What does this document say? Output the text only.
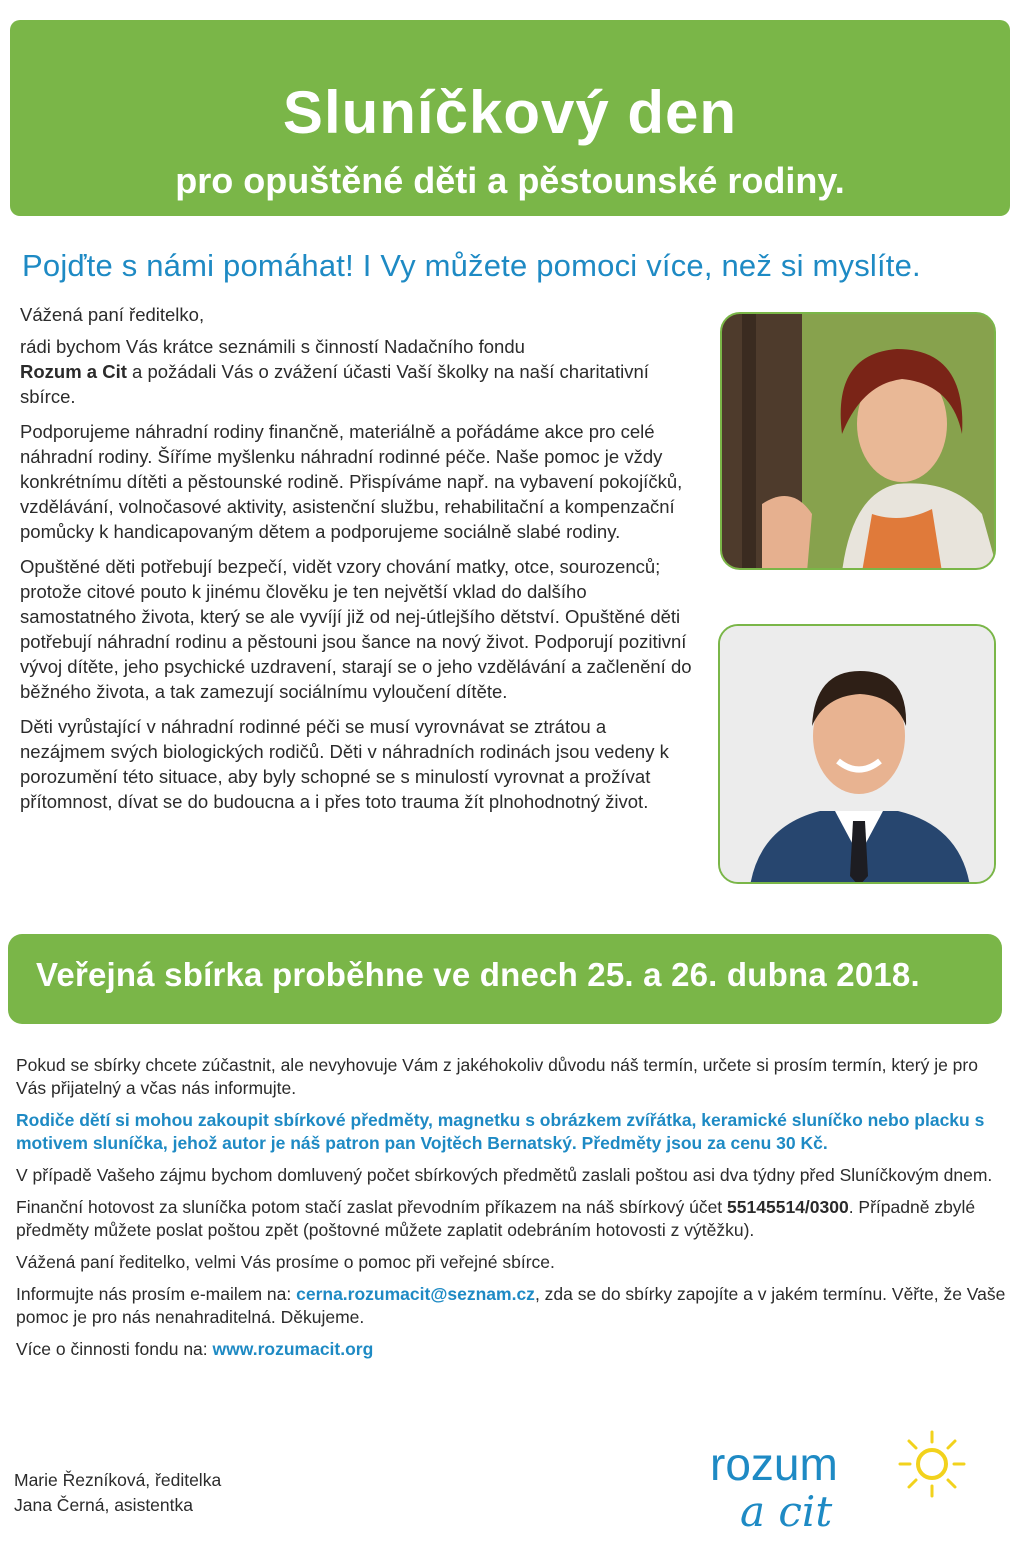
Sluníčkový den
pro opuštěné děti a pěstounské rodiny.
Pojďte s námi pomáhat! I Vy můžete pomoci více, než si myslíte.

Vážená paní ředitelko,

rádi bychom Vás krátce seznámili s činností Nadačního fondu
Rozum a Cit a požádali Vás o zvážení účasti Vaší školky na naší charitativní sbírce.

Podporujeme náhradní rodiny finančně, materiálně a pořádáme akce pro celé náhradní rodiny. Šíříme myšlenku náhradní rodinné péče. Naše pomoc je vždy konkrétnímu dítěti a pěstounské rodině. Přispíváme např. na vybavení pokojíčků, vzdělávání, volnočasové aktivity, asistenční službu, rehabilitační a kompenzační pomůcky k handicapovaným dětem a podporujeme sociálně slabé rodiny.

Opuštěné děti potřebují bezpečí, vidět vzory chování matky, otce, sourozenců; protože citové pouto k jinému člověku je ten největší vklad do dalšího samostatného života, který se ale vyvíjí již od nej-útlejšího dětství. Opuštěné děti potřebují náhradní rodinu a pěstouni jsou šance na nový život. Podporují pozitivní vývoj dítěte, jeho psychické uzdravení, starají se o jeho vzdělávání a začlenění do běžného života, a tak zamezují sociálnímu vyloučení dítěte.

Děti vyrůstající v náhradní rodinné péči se musí vyrovnávat se ztrátou a nezájmem svých biologických rodičů. Děti v náhradních rodinách jsou vedeny k porozumění této situace, aby byly schopné se s minulostí vyrovnat a prožívat přítomnost, dívat se do budoucna a i přes toto trauma žít plnohodnotný život.

Veřejná sbírka proběhne ve dnech 25. a 26. dubna 2018.

Pokud se sbírky chcete zúčastnit, ale nevyhovuje Vám z jakéhokoliv důvodu náš termín, určete si prosím termín, který je pro Vás přijatelný a včas nás informujte.

Rodiče dětí si mohou zakoupit sbírkové předměty, magnetku s obrázkem zvířátka, keramické sluníčko nebo placku s motivem sluníčka, jehož autor je náš patron pan Vojtěch Bernatský. Předměty jsou za cenu 30 Kč.

V případě Vašeho zájmu bychom domluvený počet sbírkových předmětů zaslali poštou asi dva týdny před Sluníčkovým dnem.

Finanční hotovost za sluníčka potom stačí zaslat převodním příkazem na náš sbírkový účet 55145514/0300. Případně zbylé předměty můžete poslat poštou zpět (poštovné můžete zaplatit odebráním hotovosti z výtěžku).

Vážená paní ředitelko, velmi Vás prosíme o pomoc při veřejné sbírce.

Informujte nás prosím e-mailem na: cerna.rozumacit@seznam.cz, zda se do sbírky zapojíte a v jakém termínu. Věřte, že Vaše pomoc je pro nás nenahraditelná. Děkujeme.

Více o činnosti fondu na: www.rozumacit.org

Marie Řezníková, ředitelka
Jana Černá, asistentka
rozum
a cit
